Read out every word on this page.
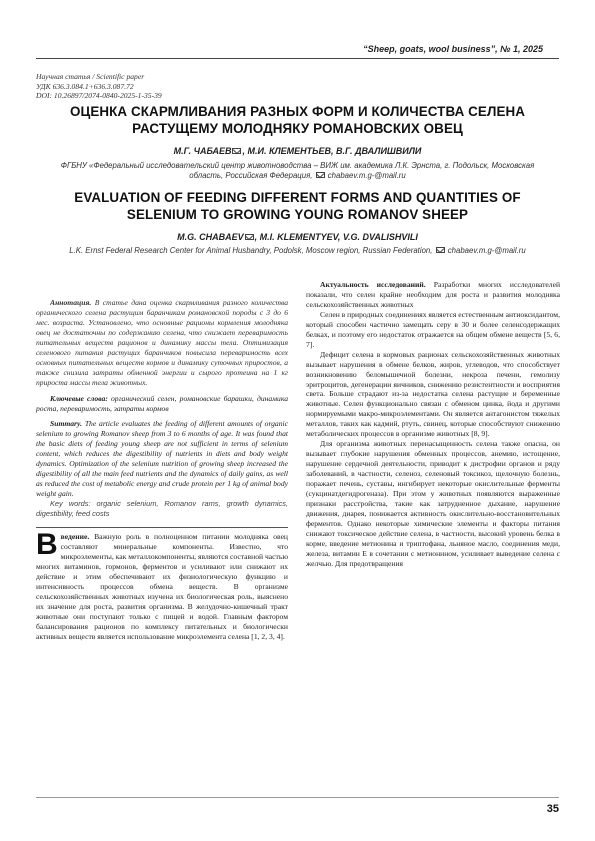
“Sheep, goats, wool business”, № 1, 2025
Научная статья / Scientific paper
УДК 636.3.084.1+636.3.087.72
DOI: 10.26897/2074-0840-2025-1-35-39
ОЦЕНКА СКАРМЛИВАНИЯ РАЗНЫХ ФОРМ И КОЛИЧЕСТВА СЕЛЕНА РАСТУЩЕМУ МОЛОДНЯКУ РОМАНОВСКИХ ОВЕЦ
М.Г. ЧАБАЕВ , М.И. КЛЕМЕНТЬЕВ, В.Г. ДВАЛИШВИЛИ
ФГБНУ «Федеральный исследовательский центр животноводства – ВИЖ им. академика Л.К. Эрнста, г. Подольск, Московская область, Российская Федерация, chabaev.m.g-@mail.ru
EVALUATION OF FEEDING DIFFERENT FORMS AND QUANTITIES OF SELENIUM TO GROWING YOUNG ROMANOV SHEEP
M.G. CHABAEV , M.I. KLEMENTYEV, V.G. DVALISHVILI
L.K. Ernst Federal Research Center for Animal Husbandry, Podolsk, Moscow region, Russian Federation, chabaev.m.g-@mail.ru

Аннотация. В статье дана оценка скармливания разного количества органического селена растущим баранчикам романовской породы с 3 до 6 мес. возраста. Установлено, что основные рационы кормления молодняка овец не достаточны по содержанию селена, что снижает переваримость питательных веществ рационов и динамику массы тела. Оптимизация селенового питания растущих баранчиков повысила переваримость всех основных питательных веществ кормов и динамику суточных приростов, а также снизила затраты обменной энергии и сырого протеина на 1 кг прироста массы тела животных.

Ключевые слова: органический селен, романовские барашки, динамика роста, переваримость, затраты кормов

Summary. The article evaluates the feeding of different amounts of organic selenium to growing Romanov sheep from 3 to 6 months of age. It was found that the basic diets of feeding young sheep are not sufficient in terms of selenium content, which reduces the digestibility of nutrients in diets and body weight dynamics. Optimization of the selenium nutrition of growing sheep increased the digestibility of all the main feed nutrients and the dynamics of daily gains, as well as reduced the cost of metabolic energy and crude protein per 1 kg of animal body weight gain.

Key words: organic selenium, Romanov rams, growth dynamics, digestibility, feed costs

Введение. Важную роль в полноценном питании молодняка овец составляют минеральные компоненты. Известно, что микроэлементы, как металлокомпоненты, являются составной частью многих витаминов, гормонов, ферментов и усиливают или снижают их действие и этим обеспечивают их физиологическую функцию и интенсивность процессов обмена веществ. В организме сельскохозяйственных животных изучена их биологическая роль, выяснено их значение для роста, развития организма. В желудочно-кишечный тракт животные они поступают только с пищей и водой. Главным фактором балансирования рационов по комплексу питательных и биологически активных веществ является использование микроэлемента селена [1, 2, 3, 4].

Актуальность исследований. Разработки многих исследователей показали, что селен крайне необходим для роста и развития молодняка сельскохозяйственных животных

Селен в природных соединениях является естественным антиоксидантом, который способен частично замещать серу в 30 и более селенсодержащих белках, и поэтому его недостаток отражается на общем обмене веществ [5, 6, 7].

Дефицит селена в кормовых рационах сельскохозяйственных животных вызывает нарушения в обмене белков, жиров, углеводов, что способствует возникновению беломышечной болезни, некроза печени, гемолизу эритроцитов, дегенерации яичников, снижению резистентности и восприятия света. Больше страдают из-за недостатка селена растущие и беременные животные. Селен функционально связан с обменом цинка, йода и другими нормируемыми макро-микроэлементами. Он является антагонистом тяжелых металлов, таких как кадмий, ртуть, свинец, которые способствуют снижению метаболических процессов в организме животных [8, 9].

Для организма животных перенасыщенность селена также опасна, он вызывает глубокие нарушения обменных процессов, анемию, истощение, нарушение сердечной деятельности, приводит к дистрофии органов и ряду заболеваний, в частности, селеноз, селеновый токсикоз, щелочную болезнь, поражает печень, суставы, ингибирует некоторые окислительные ферменты (сукцинатдегидрогеназа). При этом у животных появляются выраженные признаки расстройства, такие как затрудненное дыхание, нарушение движения, диарея, понижается активность окислительно-восстановительных ферментов. Однако некоторые химические элементы и факторы питания снижают токсическое действие селена, в частности, высокий уровень белка в корме, введение метионина и триптофана, льняное масло, соединения меди, железа, витамин Е в сочетании с метионином, усиливает выведение селена с желчью. Для предотвращения

35
